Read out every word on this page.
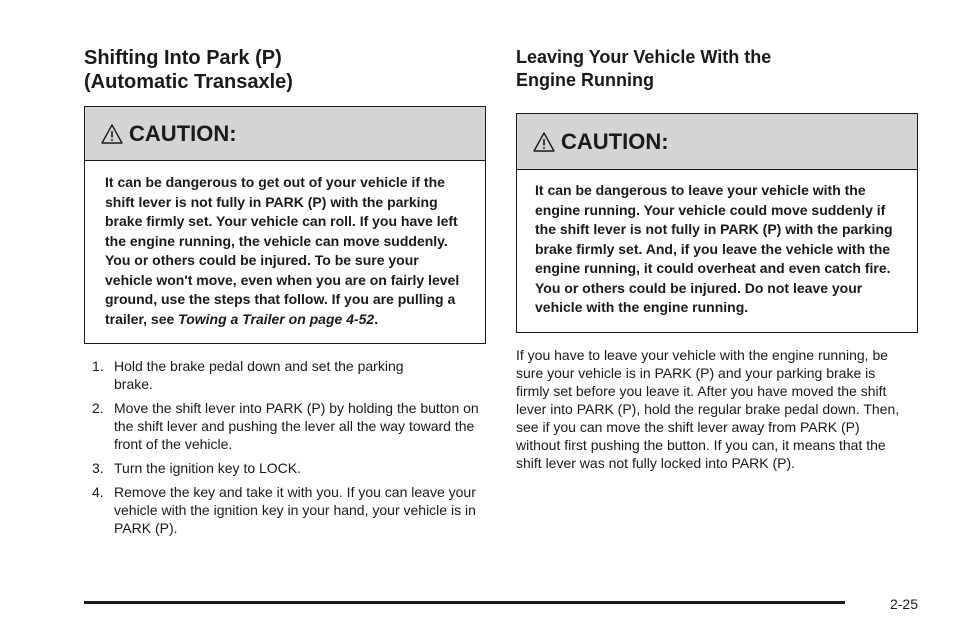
Shifting Into Park (P)
(Automatic Transaxle)
CAUTION:
It can be dangerous to get out of your vehicle if the shift lever is not fully in PARK (P) with the parking brake firmly set. Your vehicle can roll. If you have left the engine running, the vehicle can move suddenly. You or others could be injured. To be sure your vehicle won't move, even when you are on fairly level ground, use the steps that follow. If you are pulling a trailer, see Towing a Trailer on page 4-52.
1. Hold the brake pedal down and set the parking brake.
2. Move the shift lever into PARK (P) by holding the button on the shift lever and pushing the lever all the way toward the front of the vehicle.
3. Turn the ignition key to LOCK.
4. Remove the key and take it with you. If you can leave your vehicle with the ignition key in your hand, your vehicle is in PARK (P).
Leaving Your Vehicle With the
Engine Running
CAUTION:
It can be dangerous to leave your vehicle with the engine running. Your vehicle could move suddenly if the shift lever is not fully in PARK (P) with the parking brake firmly set. And, if you leave the vehicle with the engine running, it could overheat and even catch fire. You or others could be injured. Do not leave your vehicle with the engine running.

If you have to leave your vehicle with the engine running, be sure your vehicle is in PARK (P) and your parking brake is firmly set before you leave it. After you have moved the shift lever into PARK (P), hold the regular brake pedal down. Then, see if you can move the shift lever away from PARK (P) without first pushing the button. If you can, it means that the shift lever was not fully locked into PARK (P).

2-25
